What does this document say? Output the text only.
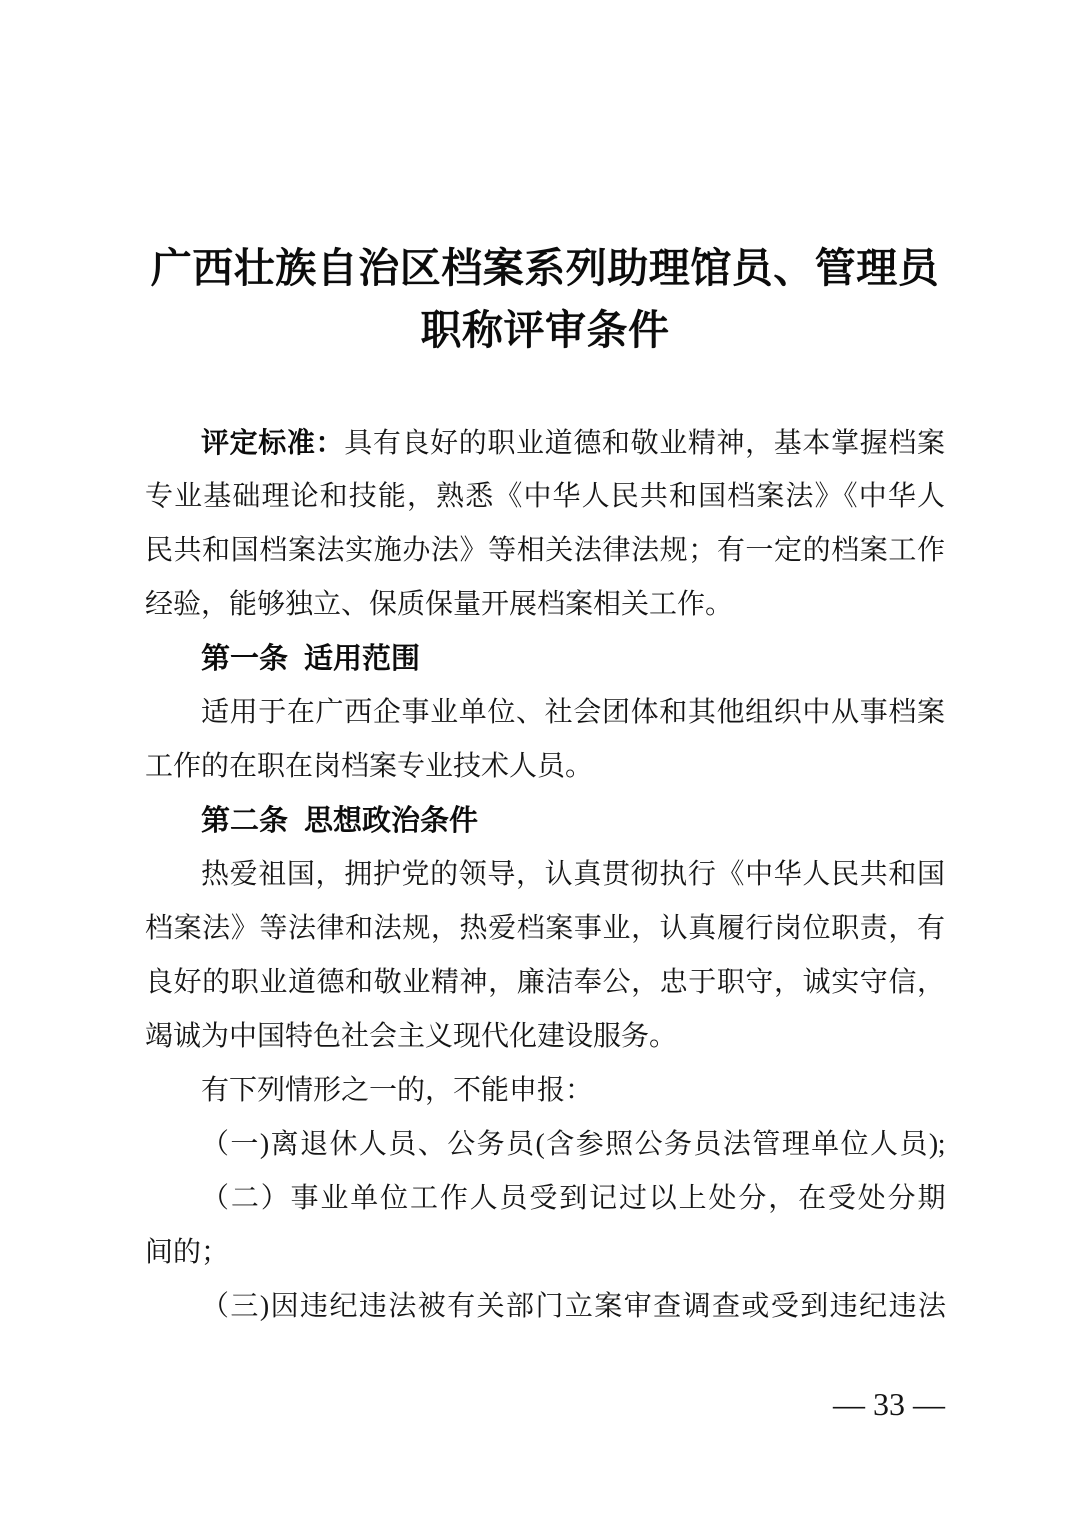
广西壮族自治区档案系列助理馆员、管理员职称评审条件
评定标准：具有良好的职业道德和敬业精神，基本掌握档案
专业基础理论和技能，熟悉《中华人民共和国档案法》《中华人
民共和国档案法实施办法》等相关法律法规；有一定的档案工作
经验，能够独立、保质保量开展档案相关工作。
第一条 适用范围
适用于在广西企事业单位、社会团体和其他组织中从事档案
工作的在职在岗档案专业技术人员。
第二条 思想政治条件
热爱祖国，拥护党的领导，认真贯彻执行《中华人民共和国
档案法》等法律和法规，热爱档案事业，认真履行岗位职责，有
良好的职业道德和敬业精神，廉洁奉公，忠于职守，诚实守信，
竭诚为中国特色社会主义现代化建设服务。
有下列情形之一的，不能申报：
（一)离退休人员、公务员(含参照公务员法管理单位人员);
（二）事业单位工作人员受到记过以上处分，在受处分期
间的；
（三)因违纪违法被有关部门立案审查调查或受到违纪违法
— 33 —
